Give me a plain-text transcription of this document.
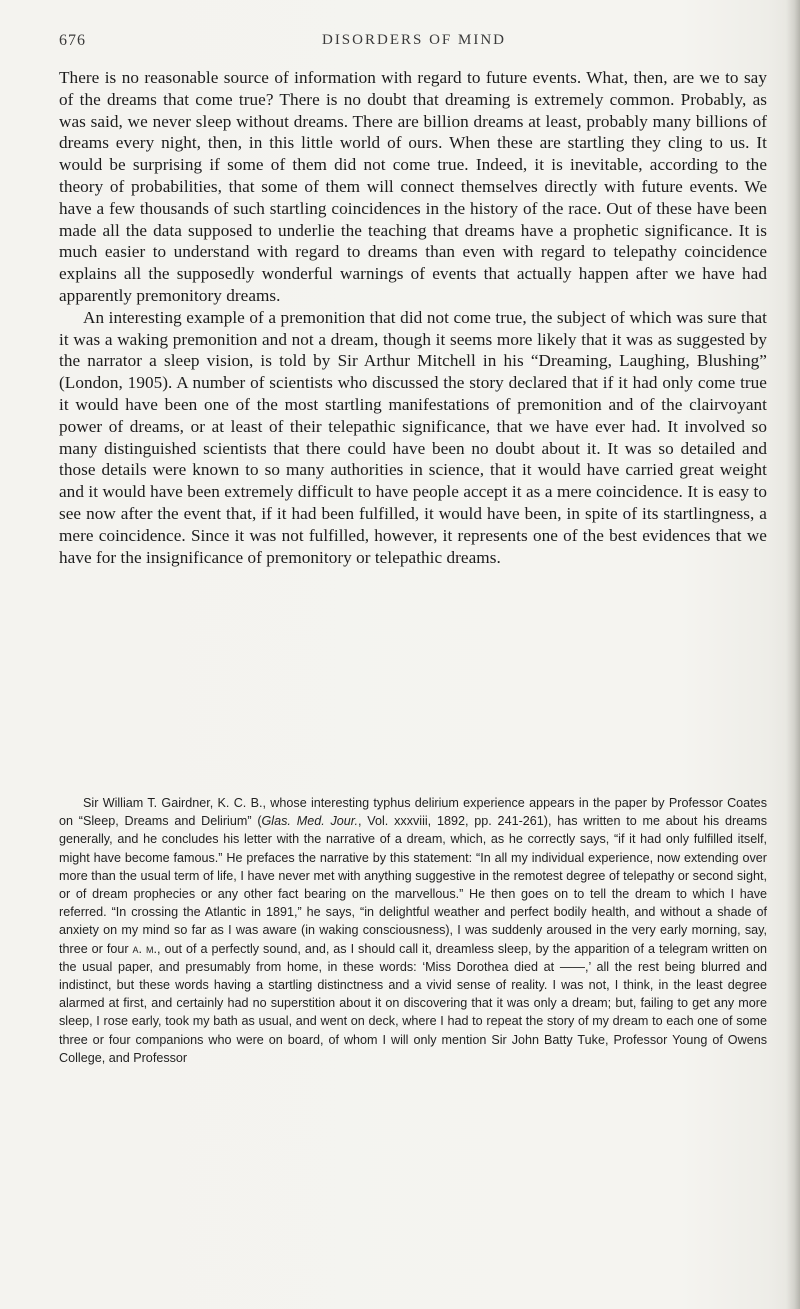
676	DISORDERS OF MIND

There is no reasonable source of information with regard to future events. What, then, are we to say of the dreams that come true? There is no doubt that dreaming is extremely common. Probably, as was said, we never sleep without dreams. There are billion dreams at least, probably many billions of dreams every night, then, in this little world of ours. When these are startling they cling to us. It would be surprising if some of them did not come true. Indeed, it is inevitable, according to the theory of probabilities, that some of them will connect themselves directly with future events. We have a few thousands of such startling coincidences in the history of the race. Out of these have been made all the data supposed to underlie the teaching that dreams have a prophetic significance. It is much easier to understand with regard to dreams than even with regard to telepathy coincidence explains all the supposedly wonderful warnings of events that actually happen after we have had apparently premonitory dreams.

An interesting example of a premonition that did not come true, the subject of which was sure that it was a waking premonition and not a dream, though it seems more likely that it was as suggested by the narrator a sleep vision, is told by Sir Arthur Mitchell in his “Dreaming, Laughing, Blushing” (London, 1905). A number of scientists who discussed the story declared that if it had only come true it would have been one of the most startling manifestations of premonition and of the clairvoyant power of dreams, or at least of their telepathic significance, that we have ever had. It involved so many distinguished scientists that there could have been no doubt about it. It was so detailed and those details were known to so many authorities in science, that it would have carried great weight and it would have been extremely difficult to have people accept it as a mere coincidence. It is easy to see now after the event that, if it had been fulfilled, it would have been, in spite of its startlingness, a mere coincidence. Since it was not fulfilled, however, it represents one of the best evidences that we have for the insignificance of premonitory or telepathic dreams.

Sir William T. Gairdner, K. C. B., whose interesting typhus delirium experience appears in the paper by Professor Coates on “Sleep, Dreams and Delirium” (Glas. Med. Jour., Vol. xxxviii, 1892, pp. 241-261), has written to me about his dreams generally, and he concludes his letter with the narrative of a dream, which, as he correctly says, “if it had only fulfilled itself, might have become famous.” He prefaces the narrative by this statement: “In all my individual experience, now extending over more than the usual term of life, I have never met with anything suggestive in the remotest degree of telepathy or second sight, or of dream prophecies or any other fact bearing on the marvellous.” He then goes on to tell the dream to which I have referred. “In crossing the Atlantic in 1891,” he says, “in delightful weather and perfect bodily health, and without a shade of anxiety on my mind so far as I was aware (in waking consciousness), I was suddenly aroused in the very early morning, say, three or four a. m., out of a perfectly sound, and, as I should call it, dreamless sleep, by the apparition of a telegram written on the usual paper, and presumably from home, in these words: ‘Miss Dorothea died at ——,’ all the rest being blurred and indistinct, but these words having a startling distinctness and a vivid sense of reality. I was not, I think, in the least degree alarmed at first, and certainly had no superstition about it on discovering that it was only a dream; but, failing to get any more sleep, I rose early, took my bath as usual, and went on deck, where I had to repeat the story of my dream to each one of some three or four companions who were on board, of whom I will only mention Sir John Batty Tuke, Professor Young of Owens College, and Professor
